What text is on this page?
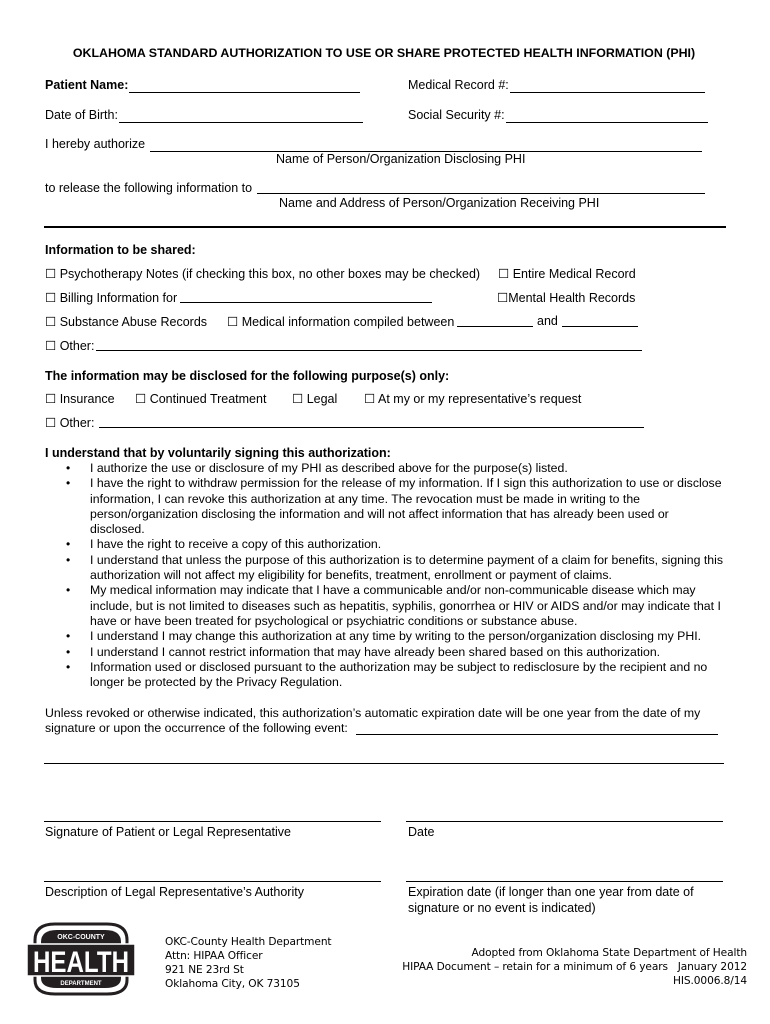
OKLAHOMA STANDARD AUTHORIZATION TO USE OR SHARE PROTECTED HEALTH INFORMATION (PHI)
Patient Name:	Medical Record #:
Date of Birth:	Social Security #:
I hereby authorize
Name of Person/Organization Disclosing PHI
to release the following information to
Name and Address of Person/Organization Receiving PHI
Information to be shared:
☐ Psychotherapy Notes (if checking this box, no other boxes may be checked) ☐ Entire Medical Record
☐ Billing Information for	☐Mental Health Records
☐ Substance Abuse Records ☐ Medical information compiled between	and
☐ Other:
The information may be disclosed for the following purpose(s) only:
☐ Insurance ☐ Continued Treatment ☐ Legal ☐ At my or my representative’s request
☐ Other:
I understand that by voluntarily signing this authorization:
• I authorize the use or disclosure of my PHI as described above for the purpose(s) listed.
• I have the right to withdraw permission for the release of my information. If I sign this authorization to use or disclose information, I can revoke this authorization at any time. The revocation must be made in writing to the person/organization disclosing the information and will not affect information that has already been used or disclosed.
• I have the right to receive a copy of this authorization.
• I understand that unless the purpose of this authorization is to determine payment of a claim for benefits, signing this authorization will not affect my eligibility for benefits, treatment, enrollment or payment of claims.
• My medical information may indicate that I have a communicable and/or non-communicable disease which may include, but is not limited to diseases such as hepatitis, syphilis, gonorrhea or HIV or AIDS and/or may indicate that I have or have been treated for psychological or psychiatric conditions or substance abuse.
• I understand I may change this authorization at any time by writing to the person/organization disclosing my PHI.
• I understand I cannot restrict information that may have already been shared based on this authorization.
• Information used or disclosed pursuant to the authorization may be subject to redisclosure by the recipient and no longer be protected by the Privacy Regulation.
Unless revoked or otherwise indicated, this authorization’s automatic expiration date will be one year from the date of my
signature or upon the occurrence of the following event:
Signature of Patient or Legal Representative	Date
Description of Legal Representative’s Authority	Expiration date (if longer than one year from date of
signature or no event is indicated)
OKC-COUNTY
HEALTH
DEPARTMENT
OKC-County Health Department
Attn: HIPAA Officer
921 NE 23rd St
Oklahoma City, OK 73105
Adopted from Oklahoma State Department of Health
HIPAA Document – retain for a minimum of 6 years January 2012
HIS.0006.8/14
